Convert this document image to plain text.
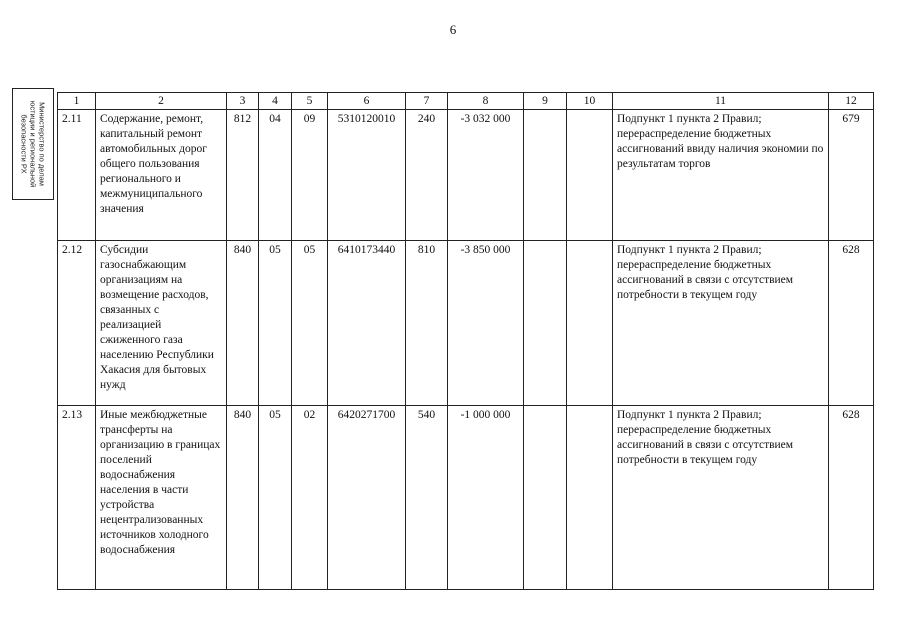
6
Министерство по делам
юстиции и региональной
безопасности РХ
1	2	3	4	5	6	7	8	9	10	11	12
2.11	Содержание, ремонт, капитальный ремонт автомобильных дорог общего пользования регионального и межмуниципального значения	812	04	09	5310120010	240	-3 032 000			Подпункт 1 пункта 2 Правил; перераспределение бюджетных ассигнований ввиду наличия экономии по результатам торгов	679
2.12	Субсидии газоснабжающим организациям на возмещение расходов, связанных с реализацией сжиженного газа населению Республики Хакасия для бытовых нужд	840	05	05	6410173440	810	-3 850 000			Подпункт 1 пункта 2 Правил; перераспределение бюджетных ассигнований в связи с отсутствием потребности в текущем году	628
2.13	Иные межбюджетные трансферты на организацию в границах поселений водоснабжения населения в части устройства нецентрализованных источников холодного водоснабжения	840	05	02	6420271700	540	-1 000 000			Подпункт 1 пункта 2 Правил; перераспределение бюджетных ассигнований в связи с отсутствием потребности в текущем году	628
